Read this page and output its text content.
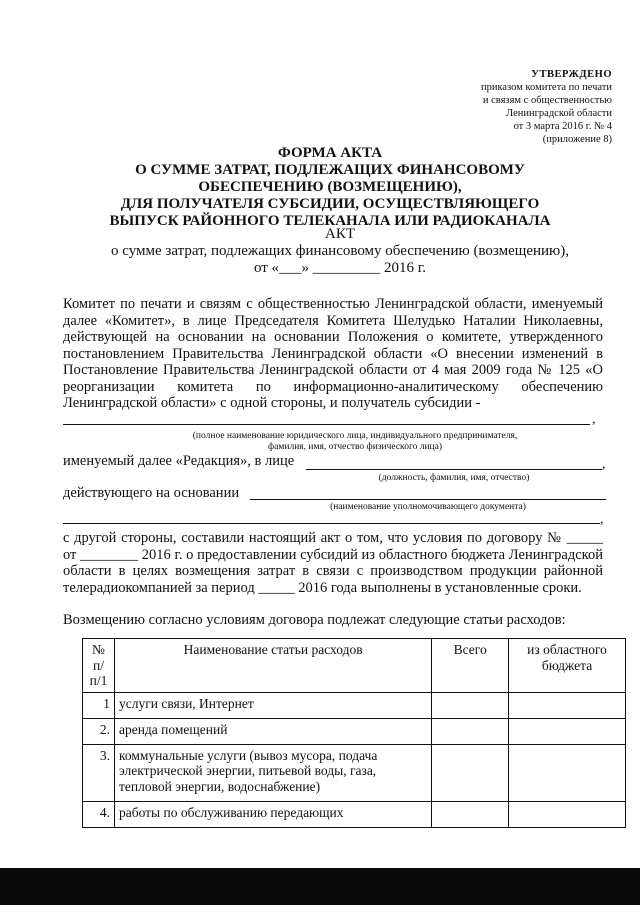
УТВЕРЖДЕНО
приказом комитета по печати
и связям с общественностью
Ленинградской области
от 3 марта 2016 г. № 4
(приложение 8)
ФОРМА АКТА
О СУММЕ ЗАТРАТ, ПОДЛЕЖАЩИХ ФИНАНСОВОМУ
ОБЕСПЕЧЕНИЮ (ВОЗМЕЩЕНИЮ),
ДЛЯ ПОЛУЧАТЕЛЯ СУБСИДИИ, ОСУЩЕСТВЛЯЮЩЕГО
ВЫПУСК РАЙОННОГО ТЕЛЕКАНАЛА ИЛИ РАДИОКАНАЛА
АКТ
о сумме затрат, подлежащих финансовому обеспечению (возмещению),
от «___» _________ 2016 г.
Комитет по печати и связям с общественностью Ленинградской области, именуемый далее «Комитет», в лице Председателя Комитета Шелудько Наталии Николаевны, действующей на основании на основании Положения о комитете, утвержденного постановлением Правительства Ленинградской области «О внесении изменений в Постановление Правительства Ленинградской области от 4 мая 2009 года № 125 «О реорганизации комитета по информационно-аналитическому обеспечению Ленинградской области» с одной стороны, и получатель субсидии -
,
(полное наименование юридического лица, индивидуального предпринимателя,
фамилия, имя, отчество физического лица)
именуемый далее «Редакция», в лице	,
(должность, фамилия, имя, отчество)
действующего на основании
(наименование уполномочивающего документа)
,
с другой стороны, составили настоящий акт о том, что условия по договору № _____ от ________ 2016 г. о предоставлении субсидий из областного бюджета Ленинградской области в целях возмещения затрат в связи с производством продукции районной телерадиокомпанией за период _____ 2016 года выполнены в установленные сроки.
Возмещению согласно условиям договора подлежат следующие статьи расходов:
№ п/п/1	Наименование статьи расходов	Всего	из областного бюджета
1	услуги связи, Интернет		
2.	аренда помещений		
3.	коммунальные услуги (вывоз мусора, подача электрической энергии, питьевой воды, газа, тепловой энергии, водоснабжение)		
4.	работы по обслуживанию передающих		
